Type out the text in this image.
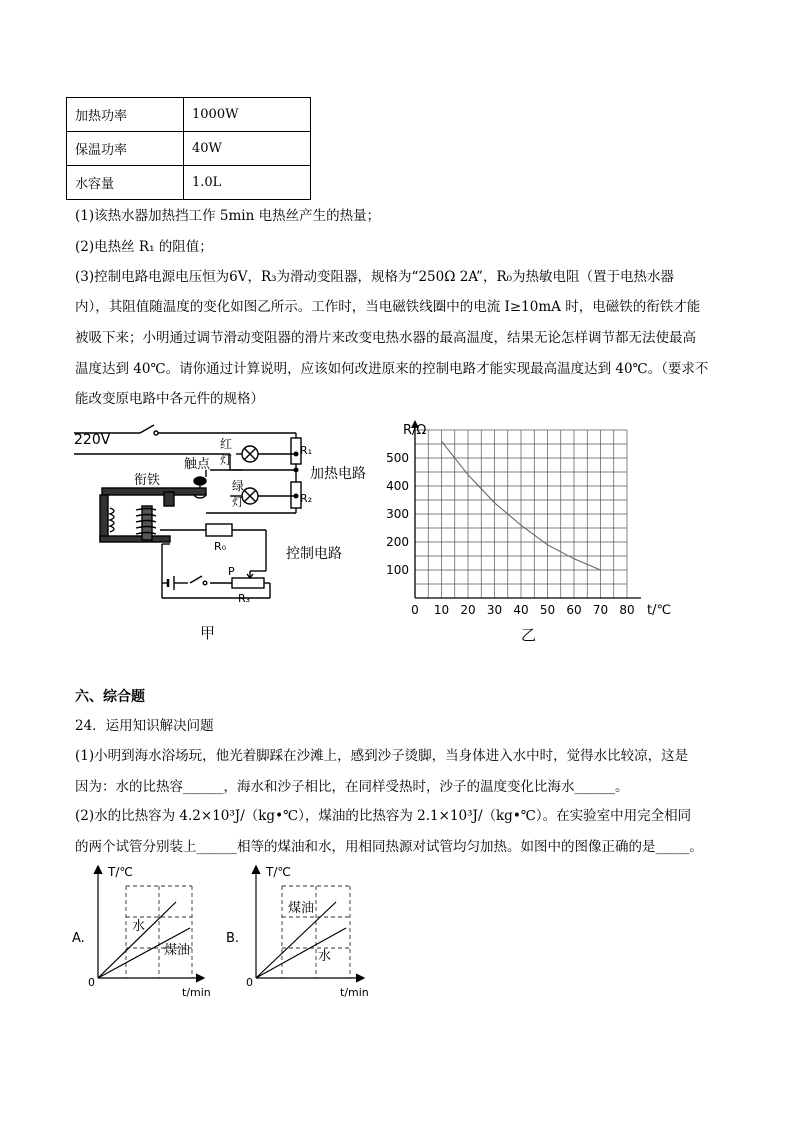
加热功率	1000W
保温功率	40W
水容量	1.0L
(1)该热水器加热挡工作 5min 电热丝产生的热量；
(2)电热丝 R₁ 的阻值；
(3)控制电路电源电压恒为6V，R₃为滑动变阻器，规格为“250Ω 2A”，R₀为热敏电阻（置于电热水器
内），其阻值随温度的变化如图乙所示。工作时，当电磁铁线圈中的电流 I≥10mA 时，电磁铁的衔铁才能
被吸下来；小明通过调节滑动变阻器的滑片来改变电热水器的最高温度，结果无论怎样调节都无法使最高
温度达到 40℃。请你通过计算说明，应该如何改进原来的控制电路才能实现最高温度达到 40℃。（要求不
能改变原电路中各元件的规格）
220V
R₁
R₂
加热电路
红
灯
绿
灯
触点
衔铁
R₀
P
R₃
控制电路
甲
100
200
300
400
500
0 10 20 30 40 50 60 70 80
R/Ω
t/℃
乙
六、综合题
24．运用知识解决问题
(1)小明到海水浴场玩，他光着脚踩在沙滩上，感到沙子烫脚，当身体进入水中时，觉得水比较凉，这是
因为：水的比热容______，海水和沙子相比，在同样受热时，沙子的温度变化比海水______。
(2)水的比热容为 4.2×10³J/（kg•℃），煤油的比热容为 2.1×10³J/（kg•℃）。在实验室中用完全相同
的两个试管分别装上______相等的煤油和水，用相同热源对试管均匀加热。如图中的图像正确的是_____。
A.
T/℃
t/min
0
水
煤油
B.
T/℃
t/min
0
煤油
水
